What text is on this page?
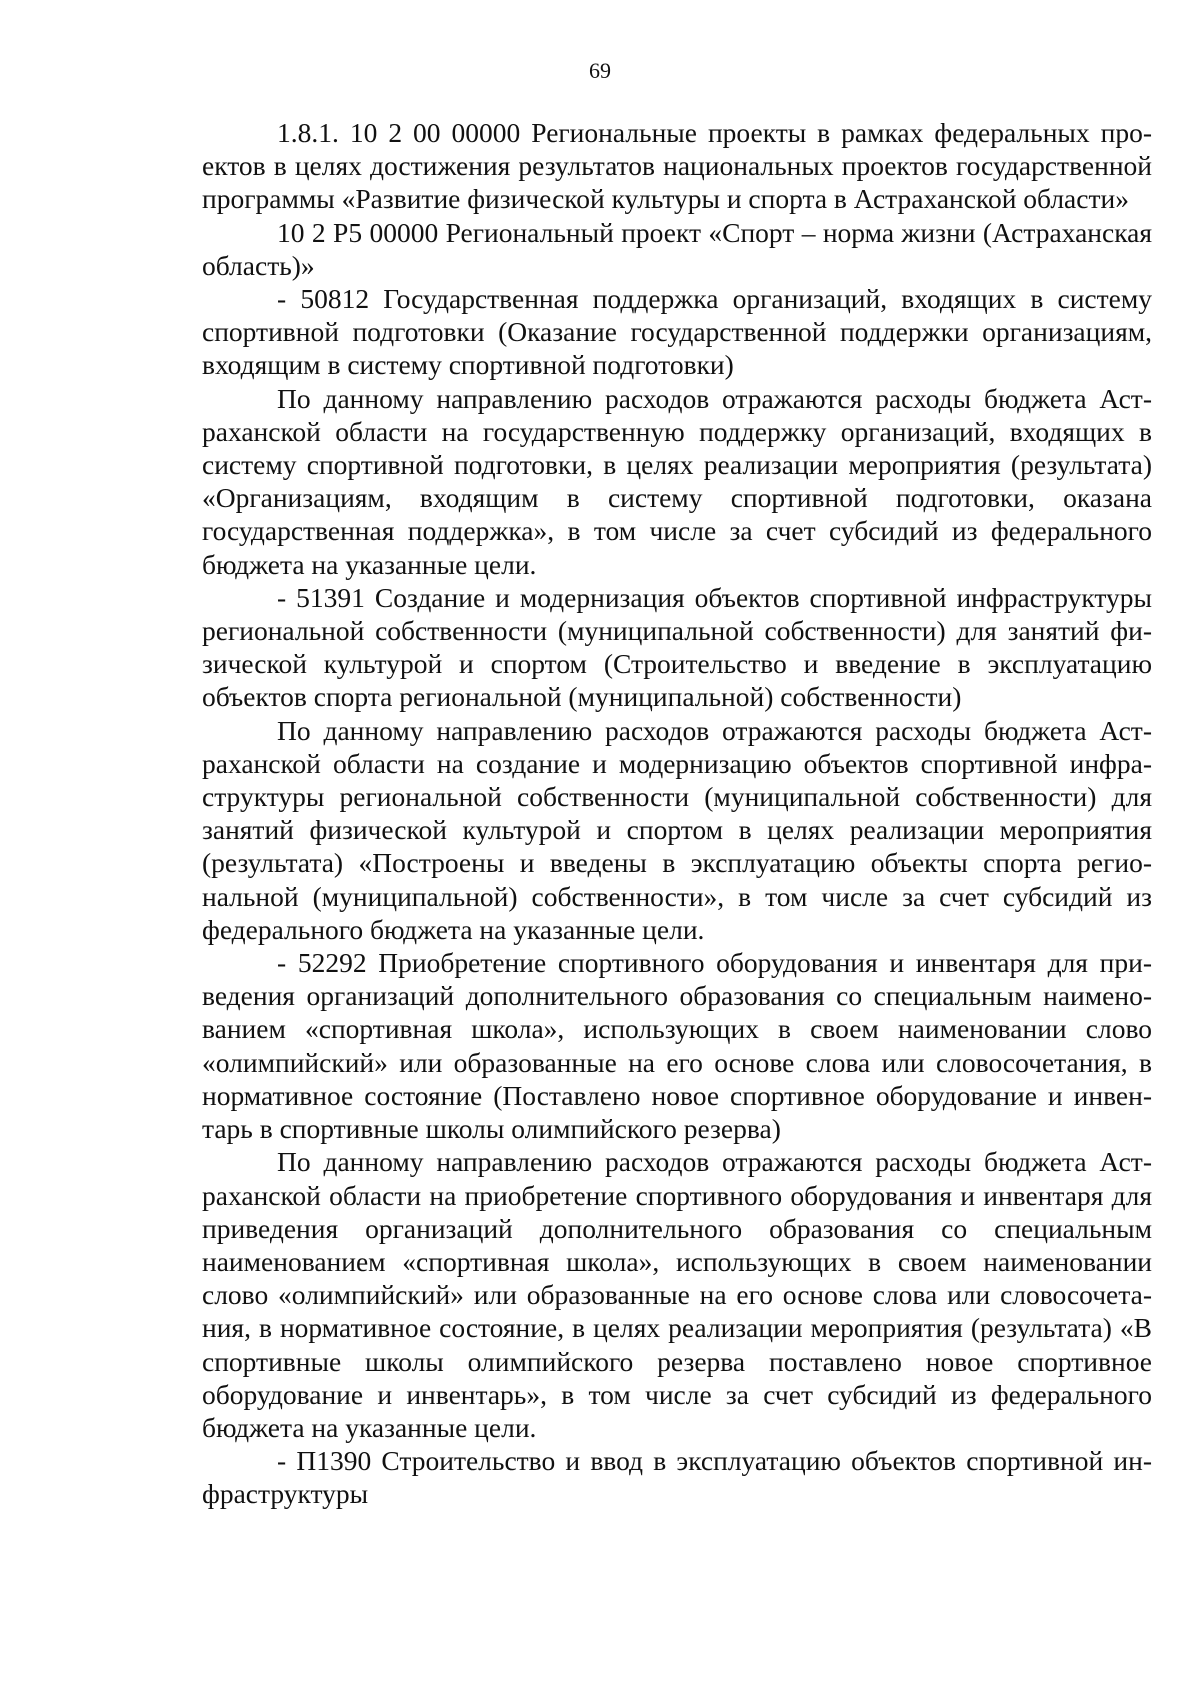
69

1.8.1. 10 2 00 00000 Региональные проекты в рамках федеральных проектов в целях достижения результатов национальных проектов государственной программы «Развитие физической культуры и спорта в Астраханской области»

10 2 Р5 00000 Региональный проект «Спорт – норма жизни (Астраханская область)»

- 50812 Государственная поддержка организаций, входящих в систему спортивной подготовки (Оказание государственной поддержки организациям, входящим в систему спортивной подготовки)

По данному направлению расходов отражаются расходы бюджета Астраханской области на государственную поддержку организаций, входящих в систему спортивной подготовки, в целях реализации мероприятия (результата) «Организациям, входящим в систему спортивной подготовки, оказана государственная поддержка», в том числе за счет субсидий из федерального бюджета на указанные цели.

- 51391 Создание и модернизация объектов спортивной инфраструктуры региональной собственности (муниципальной собственности) для занятий физической культурой и спортом (Строительство и введение в эксплуатацию объектов спорта региональной (муниципальной) собственности)

По данному направлению расходов отражаются расходы бюджета Астраханской области на создание и модернизацию объектов спортивной инфраструктуры региональной собственности (муниципальной собственности) для занятий физической культурой и спортом в целях реализации мероприятия (результата) «Построены и введены в эксплуатацию объекты спорта региональной (муниципальной) собственности», в том числе за счет субсидий из федерального бюджета на указанные цели.

- 52292 Приобретение спортивного оборудования и инвентаря для приведения организаций дополнительного образования со специальным наименованием «спортивная школа», использующих в своем наименовании слово «олимпийский» или образованные на его основе слова или словосочетания, в нормативное состояние (Поставлено новое спортивное оборудование и инвентарь в спортивные школы олимпийского резерва)

По данному направлению расходов отражаются расходы бюджета Астраханской области на приобретение спортивного оборудования и инвентаря для приведения организаций дополнительного образования со специальным наименованием «спортивная школа», использующих в своем наименовании слово «олимпийский» или образованные на его основе слова или словосочетания, в нормативное состояние, в целях реализации мероприятия (результата) «В спортивные школы олимпийского резерва поставлено новое спортивное оборудование и инвентарь», в том числе за счет субсидий из федерального бюджета на указанные цели.

- П1390 Строительство и ввод в эксплуатацию объектов спортивной инфраструктуры
